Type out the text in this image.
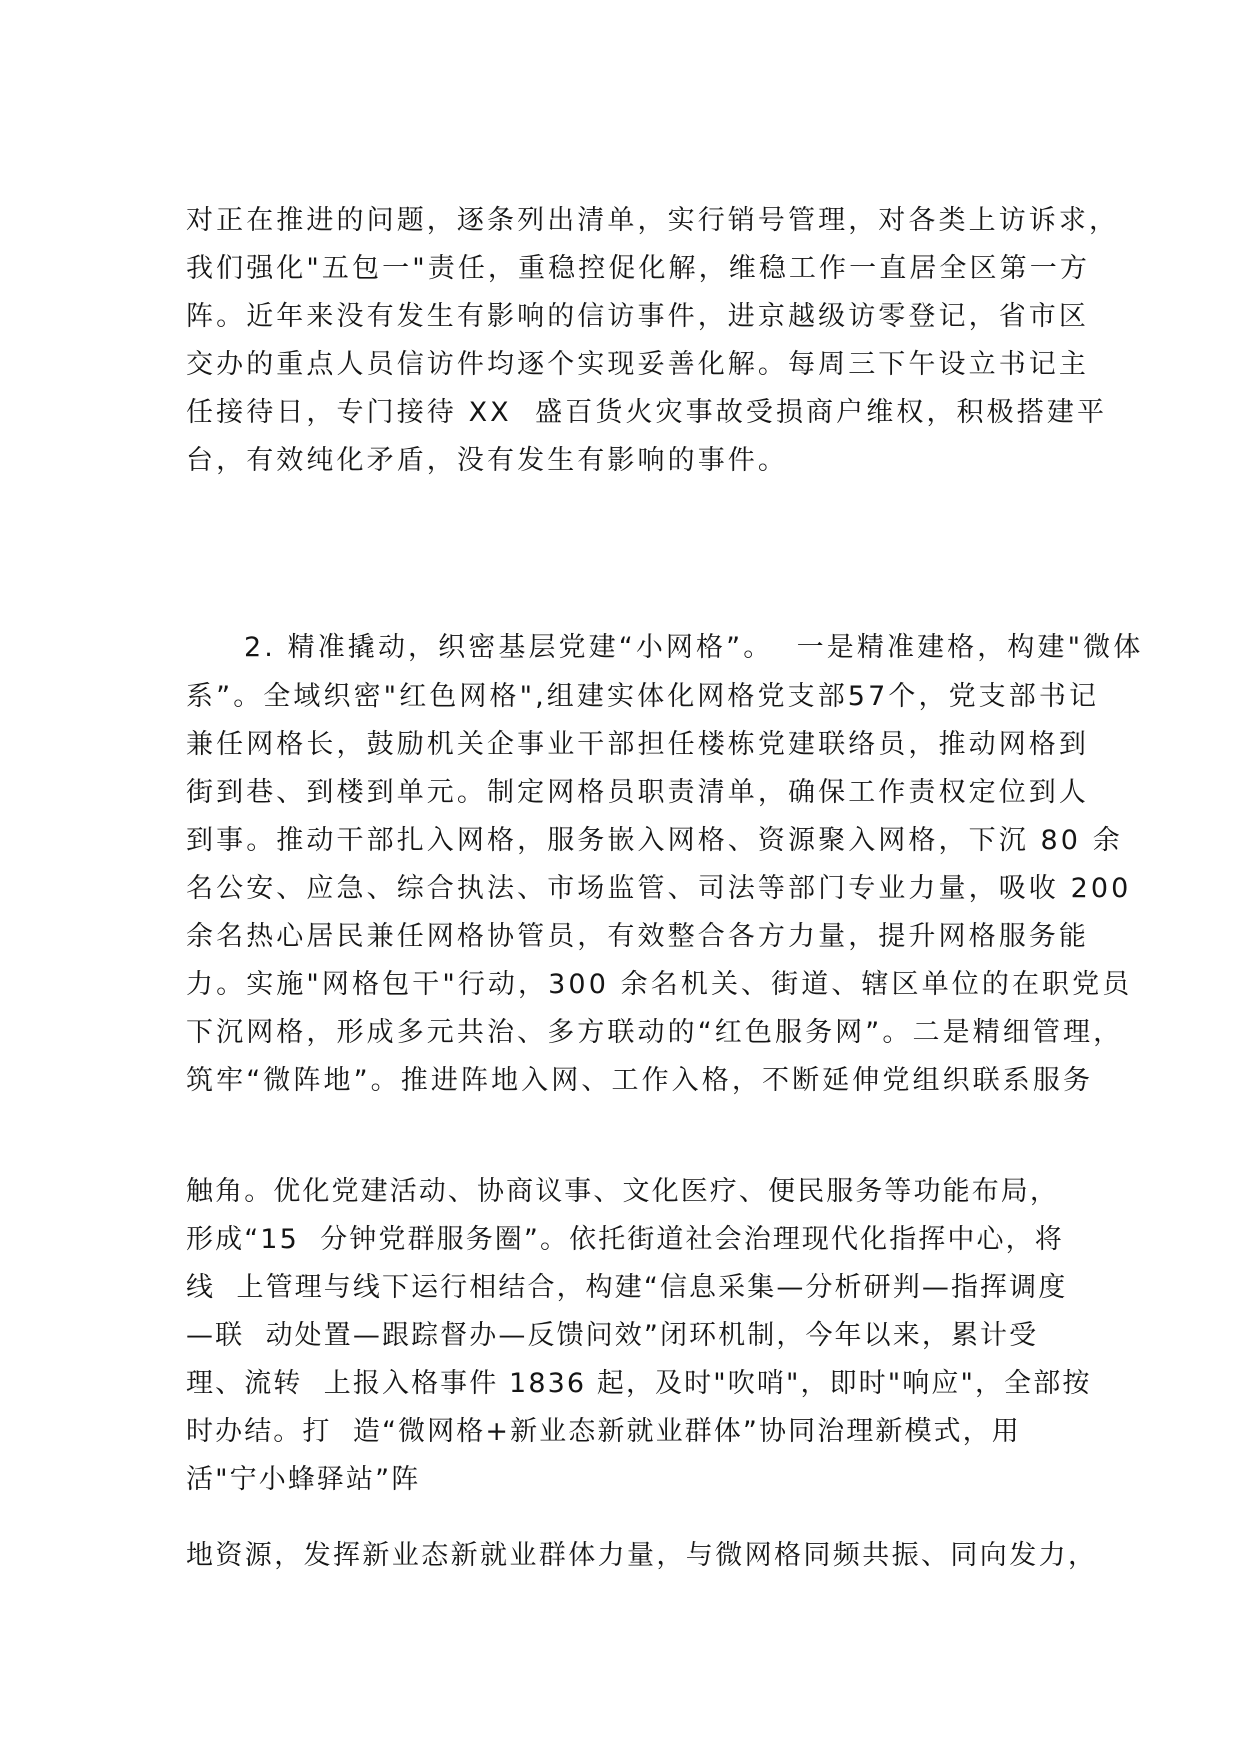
对正在推进的问题，逐条列出清单，实行销号管理，对各类上访诉求，
我们强化"五包一"责任，重稳控促化解，维稳工作一直居全区第一方
阵。近年来没有发生有影响的信访事件，进京越级访零登记，省市区
交办的重点人员信访件均逐个实现妥善化解。每周三下午设立书记主
任接待日，专门接待 XX  盛百货火灾事故受损商户维权，积极搭建平
台，有效纯化矛盾，没有发生有影响的事件。
2. 精准撬动，织密基层党建“小网格”。  一是精准建格，构建"微体
系”。全域织密"红色网格",组建实体化网格党支部57个，党支部书记
兼任网格长，鼓励机关企事业干部担任楼栋党建联络员，推动网格到
街到巷、到楼到单元。制定网格员职责清单，确保工作责权定位到人
到事。推动干部扎入网格，服务嵌入网格、资源聚入网格，下沉 80 余
名公安、应急、综合执法、市场监管、司法等部门专业力量，吸收 200
余名热心居民兼任网格协管员，有效整合各方力量，提升网格服务能
力。实施"网格包干"行动，300 余名机关、街道、辖区单位的在职党员
下沉网格，形成多元共治、多方联动的“红色服务网”。二是精细管理，
筑牢“微阵地”。推进阵地入网、工作入格，不断延伸党组织联系服务
触角。优化党建活动、协商议事、文化医疗、便民服务等功能布局，
形成“15  分钟党群服务圈”。依托街道社会治理现代化指挥中心，将
线  上管理与线下运行相结合，构建“信息采集—分析研判—指挥调度
—联  动处置—跟踪督办—反馈问效”闭环机制，今年以来，累计受
理、流转  上报入格事件 1836 起，及时"吹哨"，即时"响应"，全部按
时办结。打  造“微网格+新业态新就业群体”协同治理新模式，用
活"宁小蜂驿站”阵
地资源，发挥新业态新就业群体力量，与微网格同频共振、同向发力，
